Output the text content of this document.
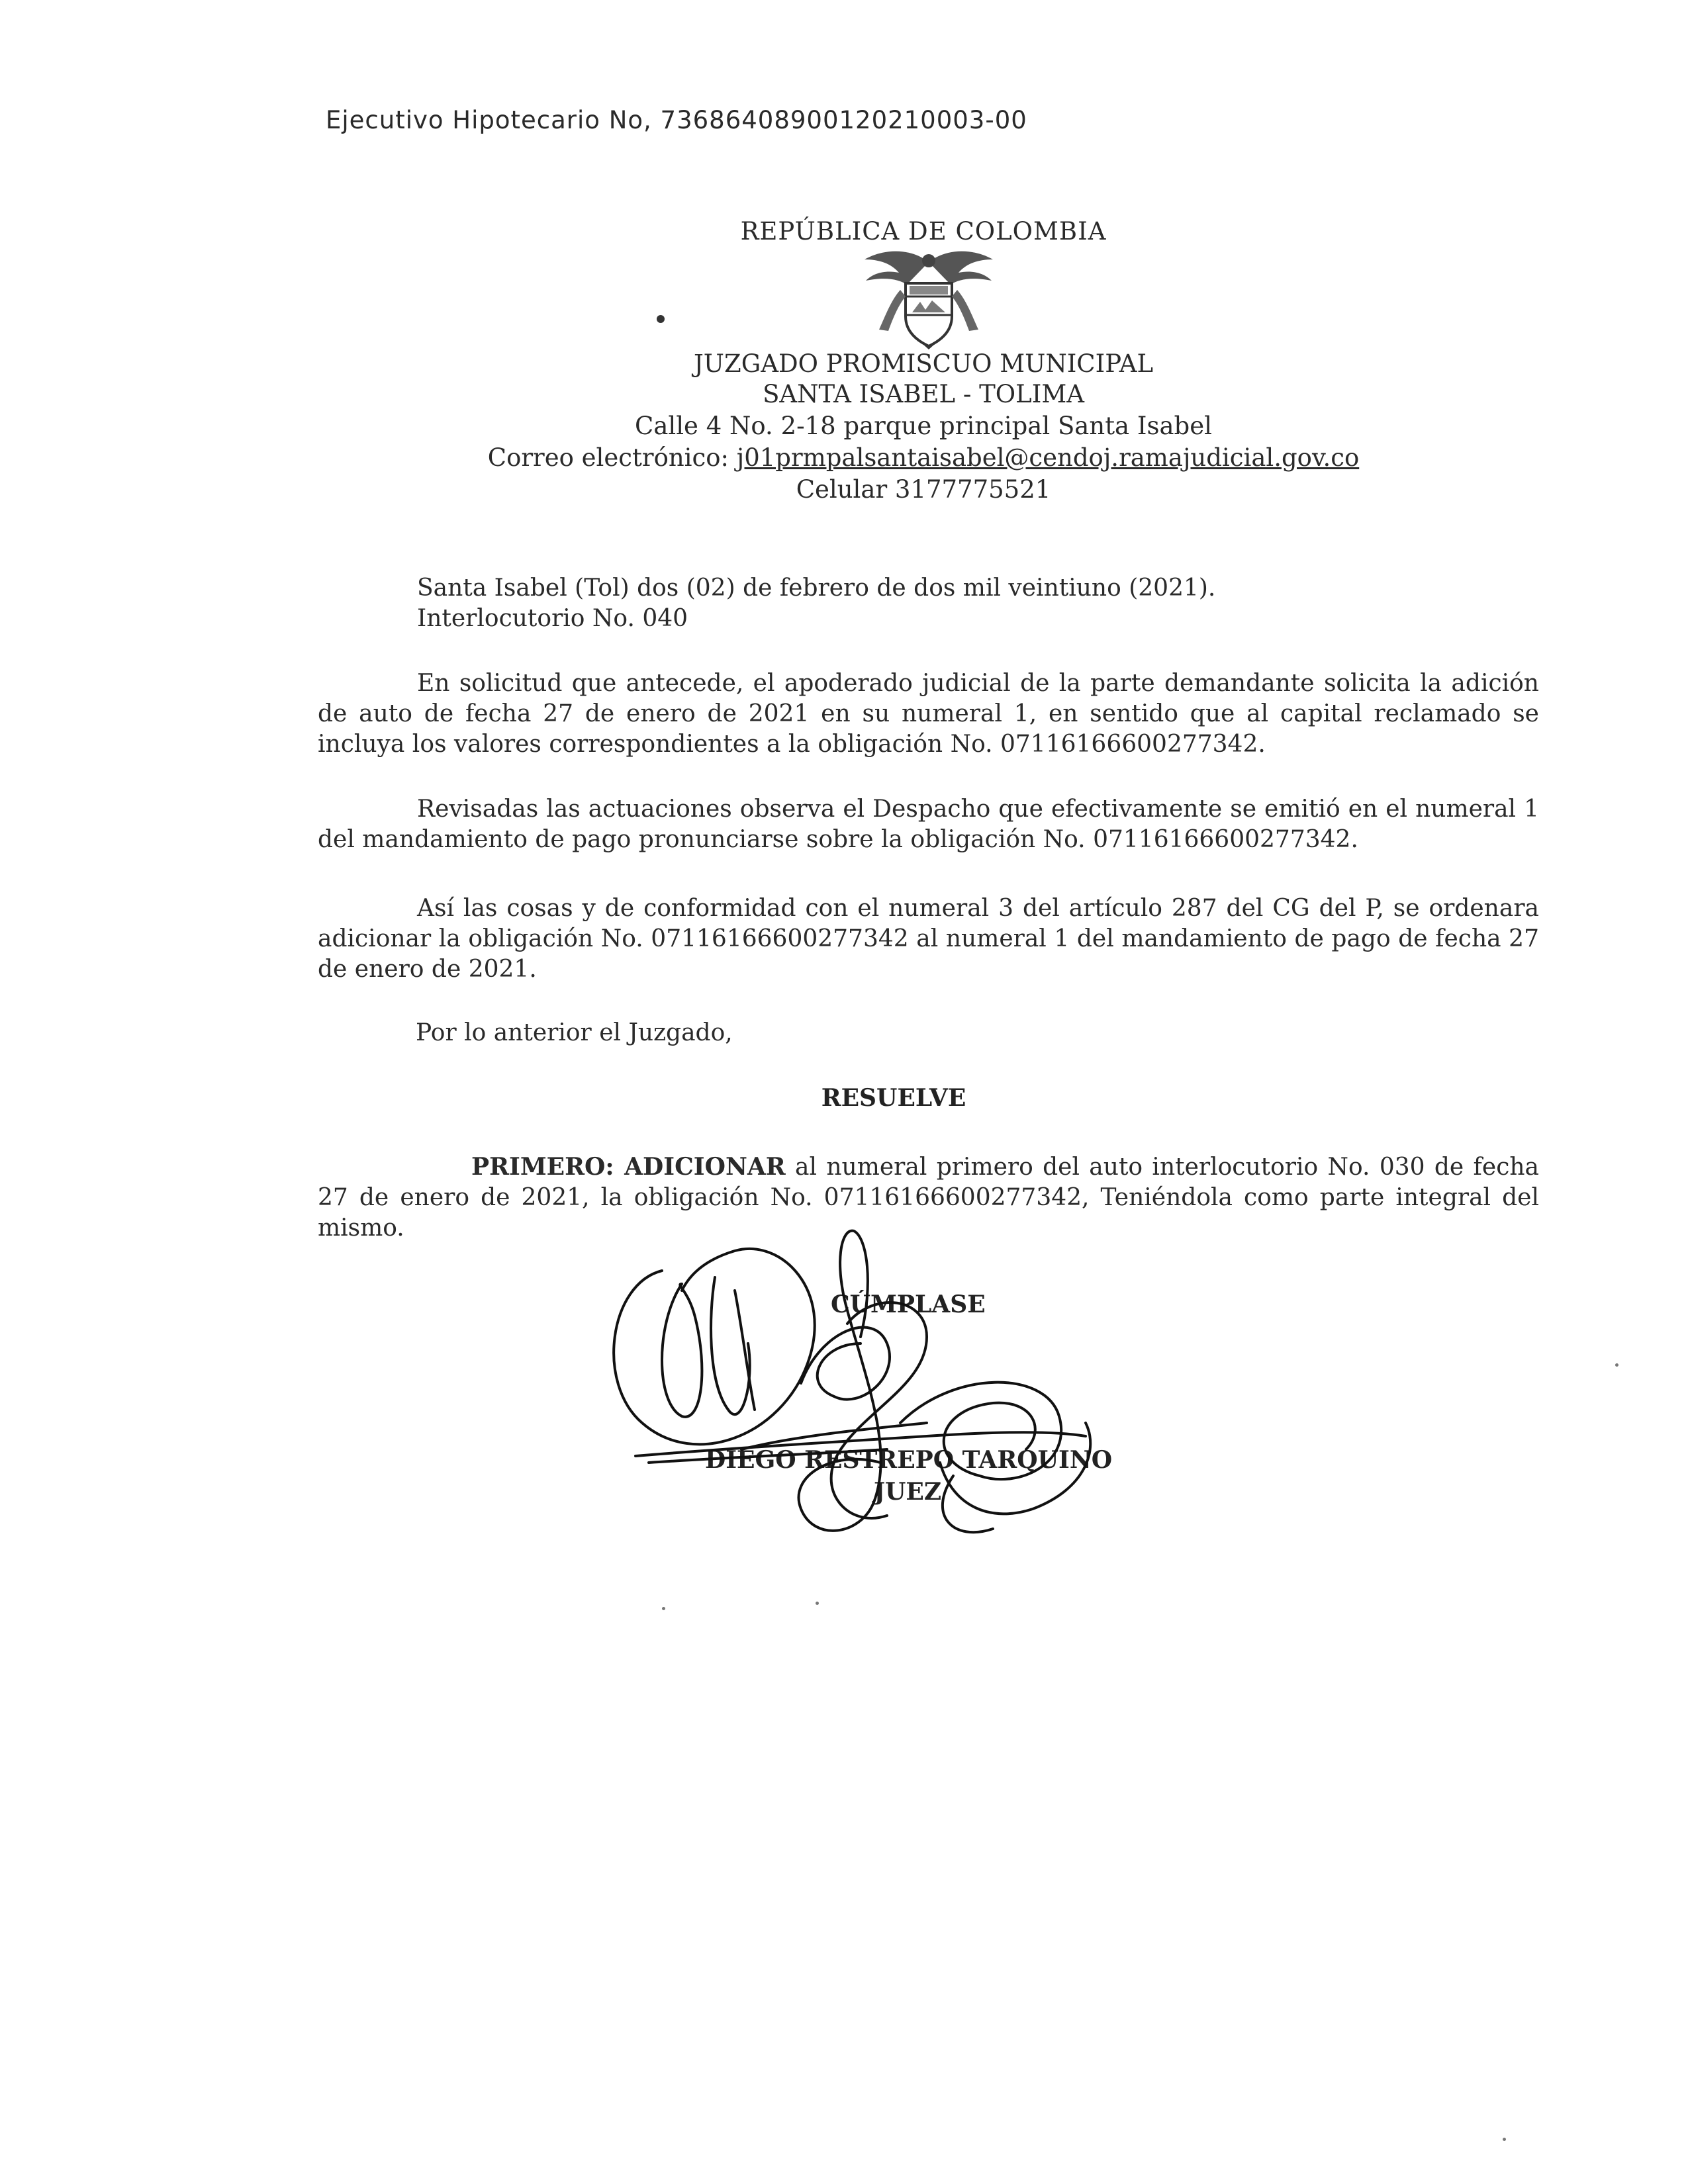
Ejecutivo Hipotecario No, 73686408900120210003-00
REPÚBLICA DE COLOMBIA
JUZGADO PROMISCUO MUNICIPAL
SANTA ISABEL - TOLIMA
Calle 4 No. 2-18 parque principal Santa Isabel
Correo electrónico: j01prmpalsantaisabel@cendoj.ramajudicial.gov.co
Celular 3177775521
Santa Isabel (Tol) dos (02) de febrero de dos mil veintiuno (2021).
Interlocutorio No. 040
En solicitud que antecede, el apoderado judicial de la parte demandante solicita la adición de auto de fecha 27 de enero de 2021 en su numeral 1, en sentido que al capital reclamado se incluya los valores correspondientes a la obligación No. 07116166600277342.
Revisadas las actuaciones observa el Despacho que efectivamente se emitió en el numeral 1 del mandamiento de pago pronunciarse sobre la obligación No. 07116166600277342.
Así las cosas y de conformidad con el numeral 3 del artículo 287 del CG del P, se ordenara adicionar la obligación No. 07116166600277342 al numeral 1 del mandamiento de pago de fecha 27 de enero de 2021.
Por lo anterior el Juzgado,
RESUELVE
PRIMERO: ADICIONAR al numeral primero del auto interlocutorio No. 030 de fecha 27 de enero de 2021, la obligación No. 07116166600277342, Teniéndola como parte integral del mismo.
CÚMPLASE
DIEGO RESTREPO TARQUINO
JUEZ
